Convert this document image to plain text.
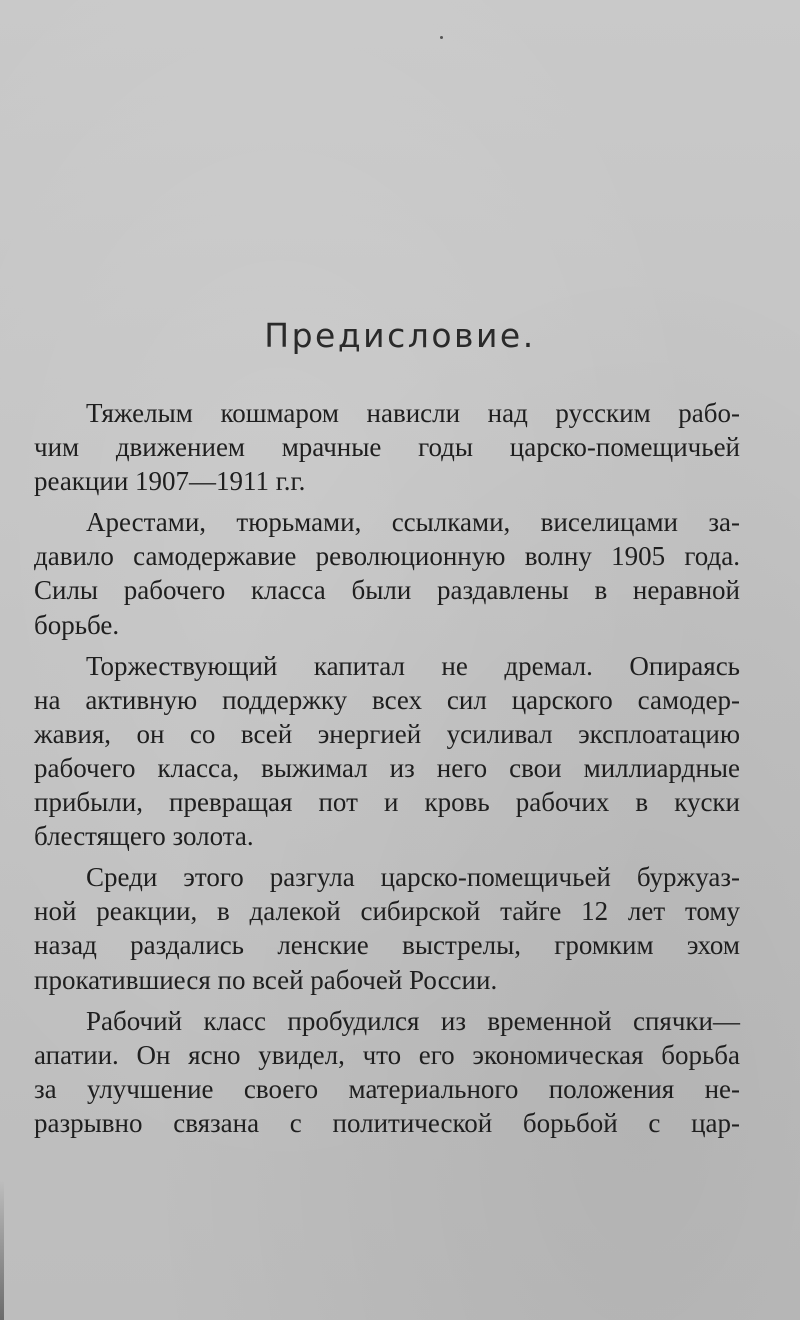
Предисловие.
Тяжелым кошмаром нависли над русским рабо-
чим движением мрачные годы царско-помещичьей
реакции 1907—1911 г.г.
Арестами, тюрьмами, ссылками, виселицами за-
давило самодержавие революционную волну 1905 года.
Силы рабочего класса были раздавлены в неравной
борьбе.
Торжествующий капитал не дремал. Опираясь
на активную поддержку всех сил царского самодер-
жавия, он со всей энергией усиливал эксплоатацию
рабочего класса, выжимал из него свои миллиардные
прибыли, превращая пот и кровь рабочих в куски
блестящего золота.
Среди этого разгула царско-помещичьей буржуаз-
ной реакции, в далекой сибирской тайге 12 лет тому
назад раздались ленские выстрелы, громким эхом
прокатившиеся по всей рабочей России.
Рабочий класс пробудился из временной спячки—
апатии. Он ясно увидел, что его экономическая борьба
за улучшение своего материального положения не-
разрывно связана с политической борьбой с цар-
